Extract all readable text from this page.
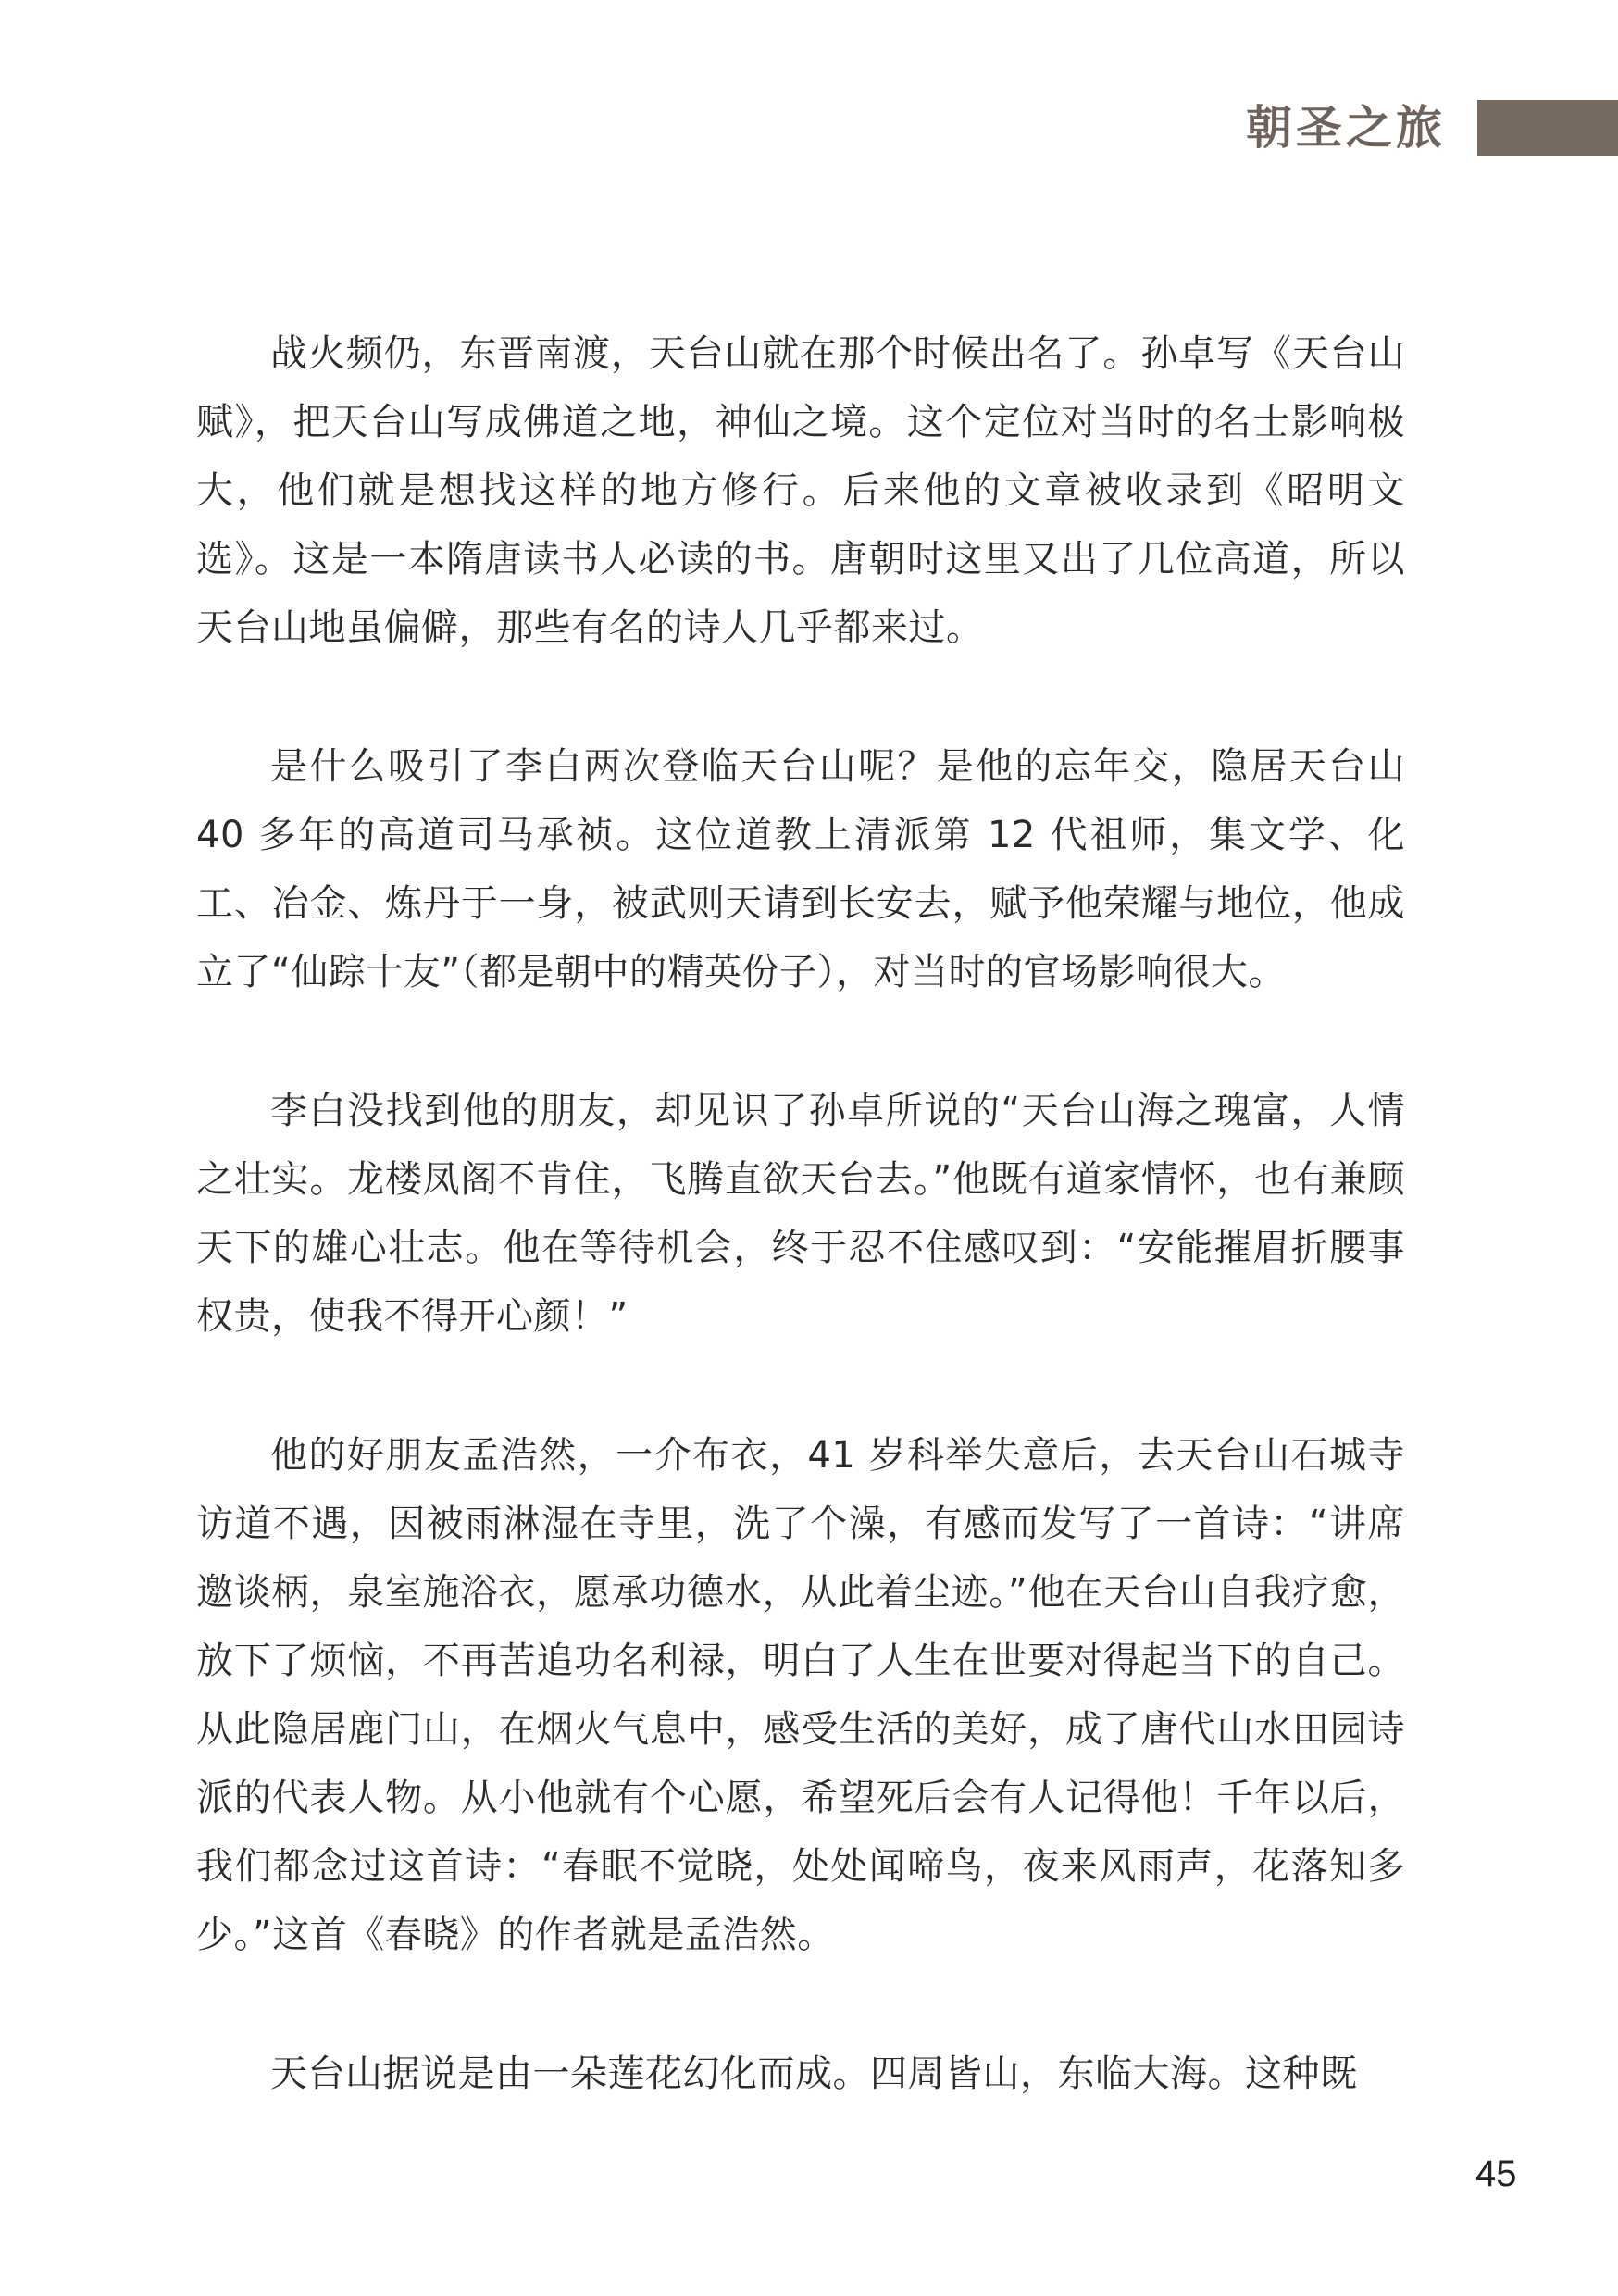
朝圣之旅

战火频仍，东晋南渡，天台山就在那个时候出名了。孙卓写《天台山赋》，把天台山写成佛道之地，神仙之境。这个定位对当时的名士影响极大，他们就是想找这样的地方修行。后来他的文章被收录到《昭明文选》。这是一本隋唐读书人必读的书。唐朝时这里又出了几位高道，所以天台山地虽偏僻，那些有名的诗人几乎都来过。

是什么吸引了李白两次登临天台山呢？是他的忘年交，隐居天台山 40 多年的高道司马承祯。这位道教上清派第 12 代祖师，集文学、化工、冶金、炼丹于一身，被武则天请到长安去，赋予他荣耀与地位，他成立了“仙踪十友”（都是朝中的精英份子），对当时的官场影响很大。

李白没找到他的朋友，却见识了孙卓所说的“天台山海之瑰富，人情之壮实。龙楼凤阁不肯住，飞腾直欲天台去。”他既有道家情怀，也有兼顾天下的雄心壮志。他在等待机会，终于忍不住感叹到：“安能摧眉折腰事权贵，使我不得开心颜！”

他的好朋友孟浩然，一介布衣，41 岁科举失意后，去天台山石城寺访道不遇，因被雨淋湿在寺里，洗了个澡，有感而发写了一首诗：“讲席邀谈柄，泉室施浴衣，愿承功德水，从此着尘迹。”他在天台山自我疗愈，放下了烦恼，不再苦追功名利禄，明白了人生在世要对得起当下的自己。从此隐居鹿门山，在烟火气息中，感受生活的美好，成了唐代山水田园诗派的代表人物。从小他就有个心愿，希望死后会有人记得他！千年以后，我们都念过这首诗：“春眠不觉晓，处处闻啼鸟，夜来风雨声，花落知多少。”这首《春晓》的作者就是孟浩然。

天台山据说是由一朵莲花幻化而成。四周皆山，东临大海。这种既

45
